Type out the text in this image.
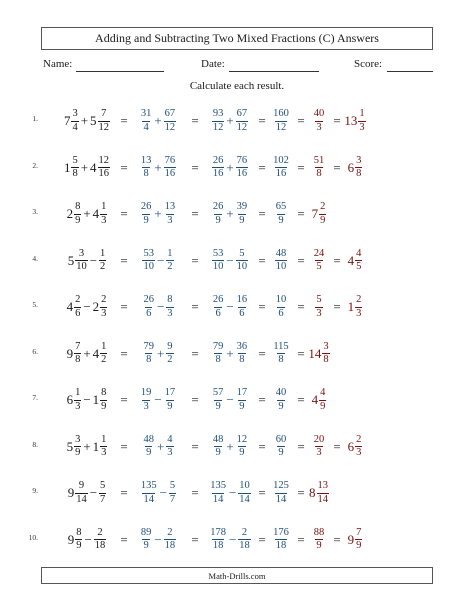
Adding and Subtracting Two Mixed Fractions (C) Answers
Name:	Date:	Score:
Calculate each result.
1. $7 \frac{3}{4} + 5 \frac{7}{12}$ =	$\frac{31}{4} + \frac{67}{12}$	=	$\frac{93}{12} + \frac{67}{12} = \frac{160}{12} = \frac{40}{3} = 13 \frac{1}{3}$
2. $1 \frac{5}{8} + 4 \frac{12}{16}$ =	$\frac{13}{8} + \frac{76}{16}$	=	$\frac{26}{16} + \frac{76}{16} = \frac{102}{16} = \frac{51}{8} = 6 \frac{3}{8}$
3. $2 \frac{8}{9} + 4 \frac{1}{3}$ =	$\frac{26}{9} + \frac{13}{3}$	=	$\frac{26}{9} + \frac{39}{9} = \frac{65}{9} = 7 \frac{2}{9}$
4. $5 \frac{3}{10} - \frac{1}{2}$	=	$\frac{53}{10} - \frac{1}{2}$	=	$\frac{53}{10} - \frac{5}{10} = \frac{48}{10} = \frac{24}{5} = 4 \frac{4}{5}$
5. $4 \frac{2}{6} - 2 \frac{2}{3}$ =	$\frac{26}{6} - \frac{8}{3}$	=	$\frac{26}{6} - \frac{16}{6} = \frac{10}{6}$ =	$\frac{5}{3} = 1 \frac{2}{3}$
6. $9 \frac{7}{8} + 4 \frac{1}{2}$ =	$\frac{79}{8} + \frac{9}{2}$	=	$\frac{79}{8} + \frac{36}{8} = \frac{115}{8} = 14 \frac{3}{8}$
7. $6 \frac{1}{3} - 1 \frac{8}{9}$ =	$\frac{19}{3} - \frac{17}{9}$	=	$\frac{57}{9} - \frac{17}{9} = \frac{40}{9} = 4 \frac{4}{9}$
8. $5 \frac{3}{9} + 1 \frac{1}{3}$ =	$\frac{48}{9} + \frac{4}{3}$	=	$\frac{48}{9} + \frac{12}{9} = \frac{60}{9} = \frac{20}{3} = 6 \frac{2}{3}$
9. $9 \frac{9}{14} - \frac{5}{7}$	=	$\frac{135}{14} - \frac{5}{7}$	=	$\frac{135}{14} - \frac{10}{14} = \frac{125}{14} = 8 \frac{13}{14}$
10. $9 \frac{8}{9} - \frac{2}{18}$	=	$\frac{89}{9} - \frac{2}{18}$	=	$\frac{178}{18} - \frac{2}{18} = \frac{176}{18} = \frac{88}{9} = 9 \frac{7}{9}$
Math-Drills.com
